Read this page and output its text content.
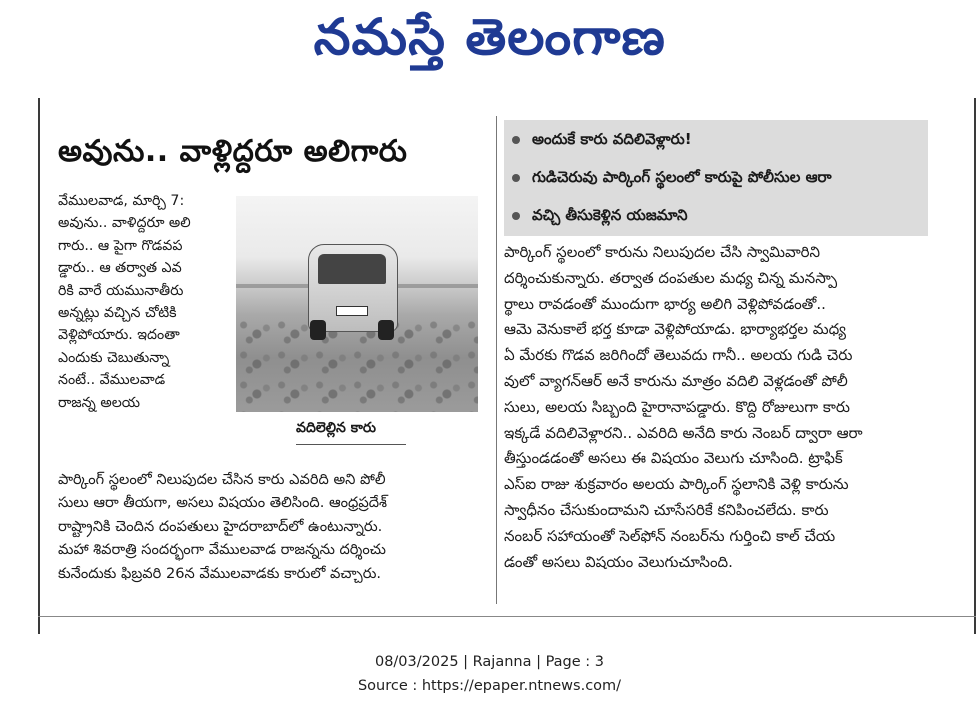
నమస్తే తెలంగాణ
అవును.. వాళ్లిద్దరూ అలిగారు

వేములవాడ, మార్చి 7:

అవును.. వాళిద్దరూ అలి

గారు.. ఆ పైగా గొడవప

డ్డారు.. ఆ తర్వాత ఎవ

రికి వారే యమునాతీరు

అన్నట్లు వచ్చిన చోటికి

వెళ్లిపోయారు. ఇదంతా

ఎందుకు చెబుతున్నా

నంటే.. వేములవాడ

రాజన్న అలయ

వదిలెల్లిన కారు

పార్కింగ్ స్థలంలో నిలుపుదల చేసిన కారు ఎవరిది అని పోలీ

సులు ఆరా తీయగా, అసలు విషయం తెలిసింది. ఆంధ్రప్రదేశ్

రాష్ట్రానికి చెందిన దంపతులు హైదరాబాద్‌లో ఉంటున్నారు.

మహా శివరాత్రి సందర్భంగా వేములవాడ రాజన్నను దర్శించు

కునేందుకు ఫిబ్రవరి 26న వేములవాడకు కారులో వచ్చారు.

అందుకే కారు వదిలివెళ్లారు!
గుడిచెరువు పార్కింగ్ స్థలంలో కారుపై పోలీసుల ఆరా
వచ్చి తీసుకెళ్లిన యజమాని

పార్కింగ్ స్థలంలో కారును నిలుపుదల చేసి స్వామివారిని

దర్శించుకున్నారు. తర్వాత దంపతుల మధ్య చిన్న మనస్పా

ర్థాలు రావడంతో ముందుగా భార్య అలిగి వెళ్లిపోవడంతో..

ఆమె వెనుకాలే భర్త కూడా వెళ్లిపోయాడు. భార్యాభర్తల మధ్య

ఏ మేరకు గొడవ జరిగిందో తెలువదు గానీ.. అలయ గుడి చెరు

వులో వ్యాగన్‌ఆర్ అనే కారును మాత్రం వదిలి వెళ్లడంతో పోలీ

సులు, అలయ సిబ్బంది హైరానాపడ్డారు. కొద్ది రోజులుగా కారు

ఇక్కడే వదిలివెళ్లారని.. ఎవరిది అనేది కారు నెంబర్ ద్వారా ఆరా

తీస్తుండడంతో అసలు ఈ విషయం వెలుగు చూసింది. ట్రాఫిక్

ఎస్ఐ రాజు శుక్రవారం అలయ పార్కింగ్ స్థలానికి వెళ్లి కారును

స్వాధీనం చేసుకుందామని చూసేసరికే కనిపించలేదు. కారు

నంబర్ సహాయంతో సెల్‌ఫోన్ నంబర్‌ను గుర్తించి కాల్ చేయ

డంతో అసలు విషయం వెలుగుచూసింది.

08/03/2025 | Rajanna | Page : 3
Source : https://epaper.ntnews.com/
